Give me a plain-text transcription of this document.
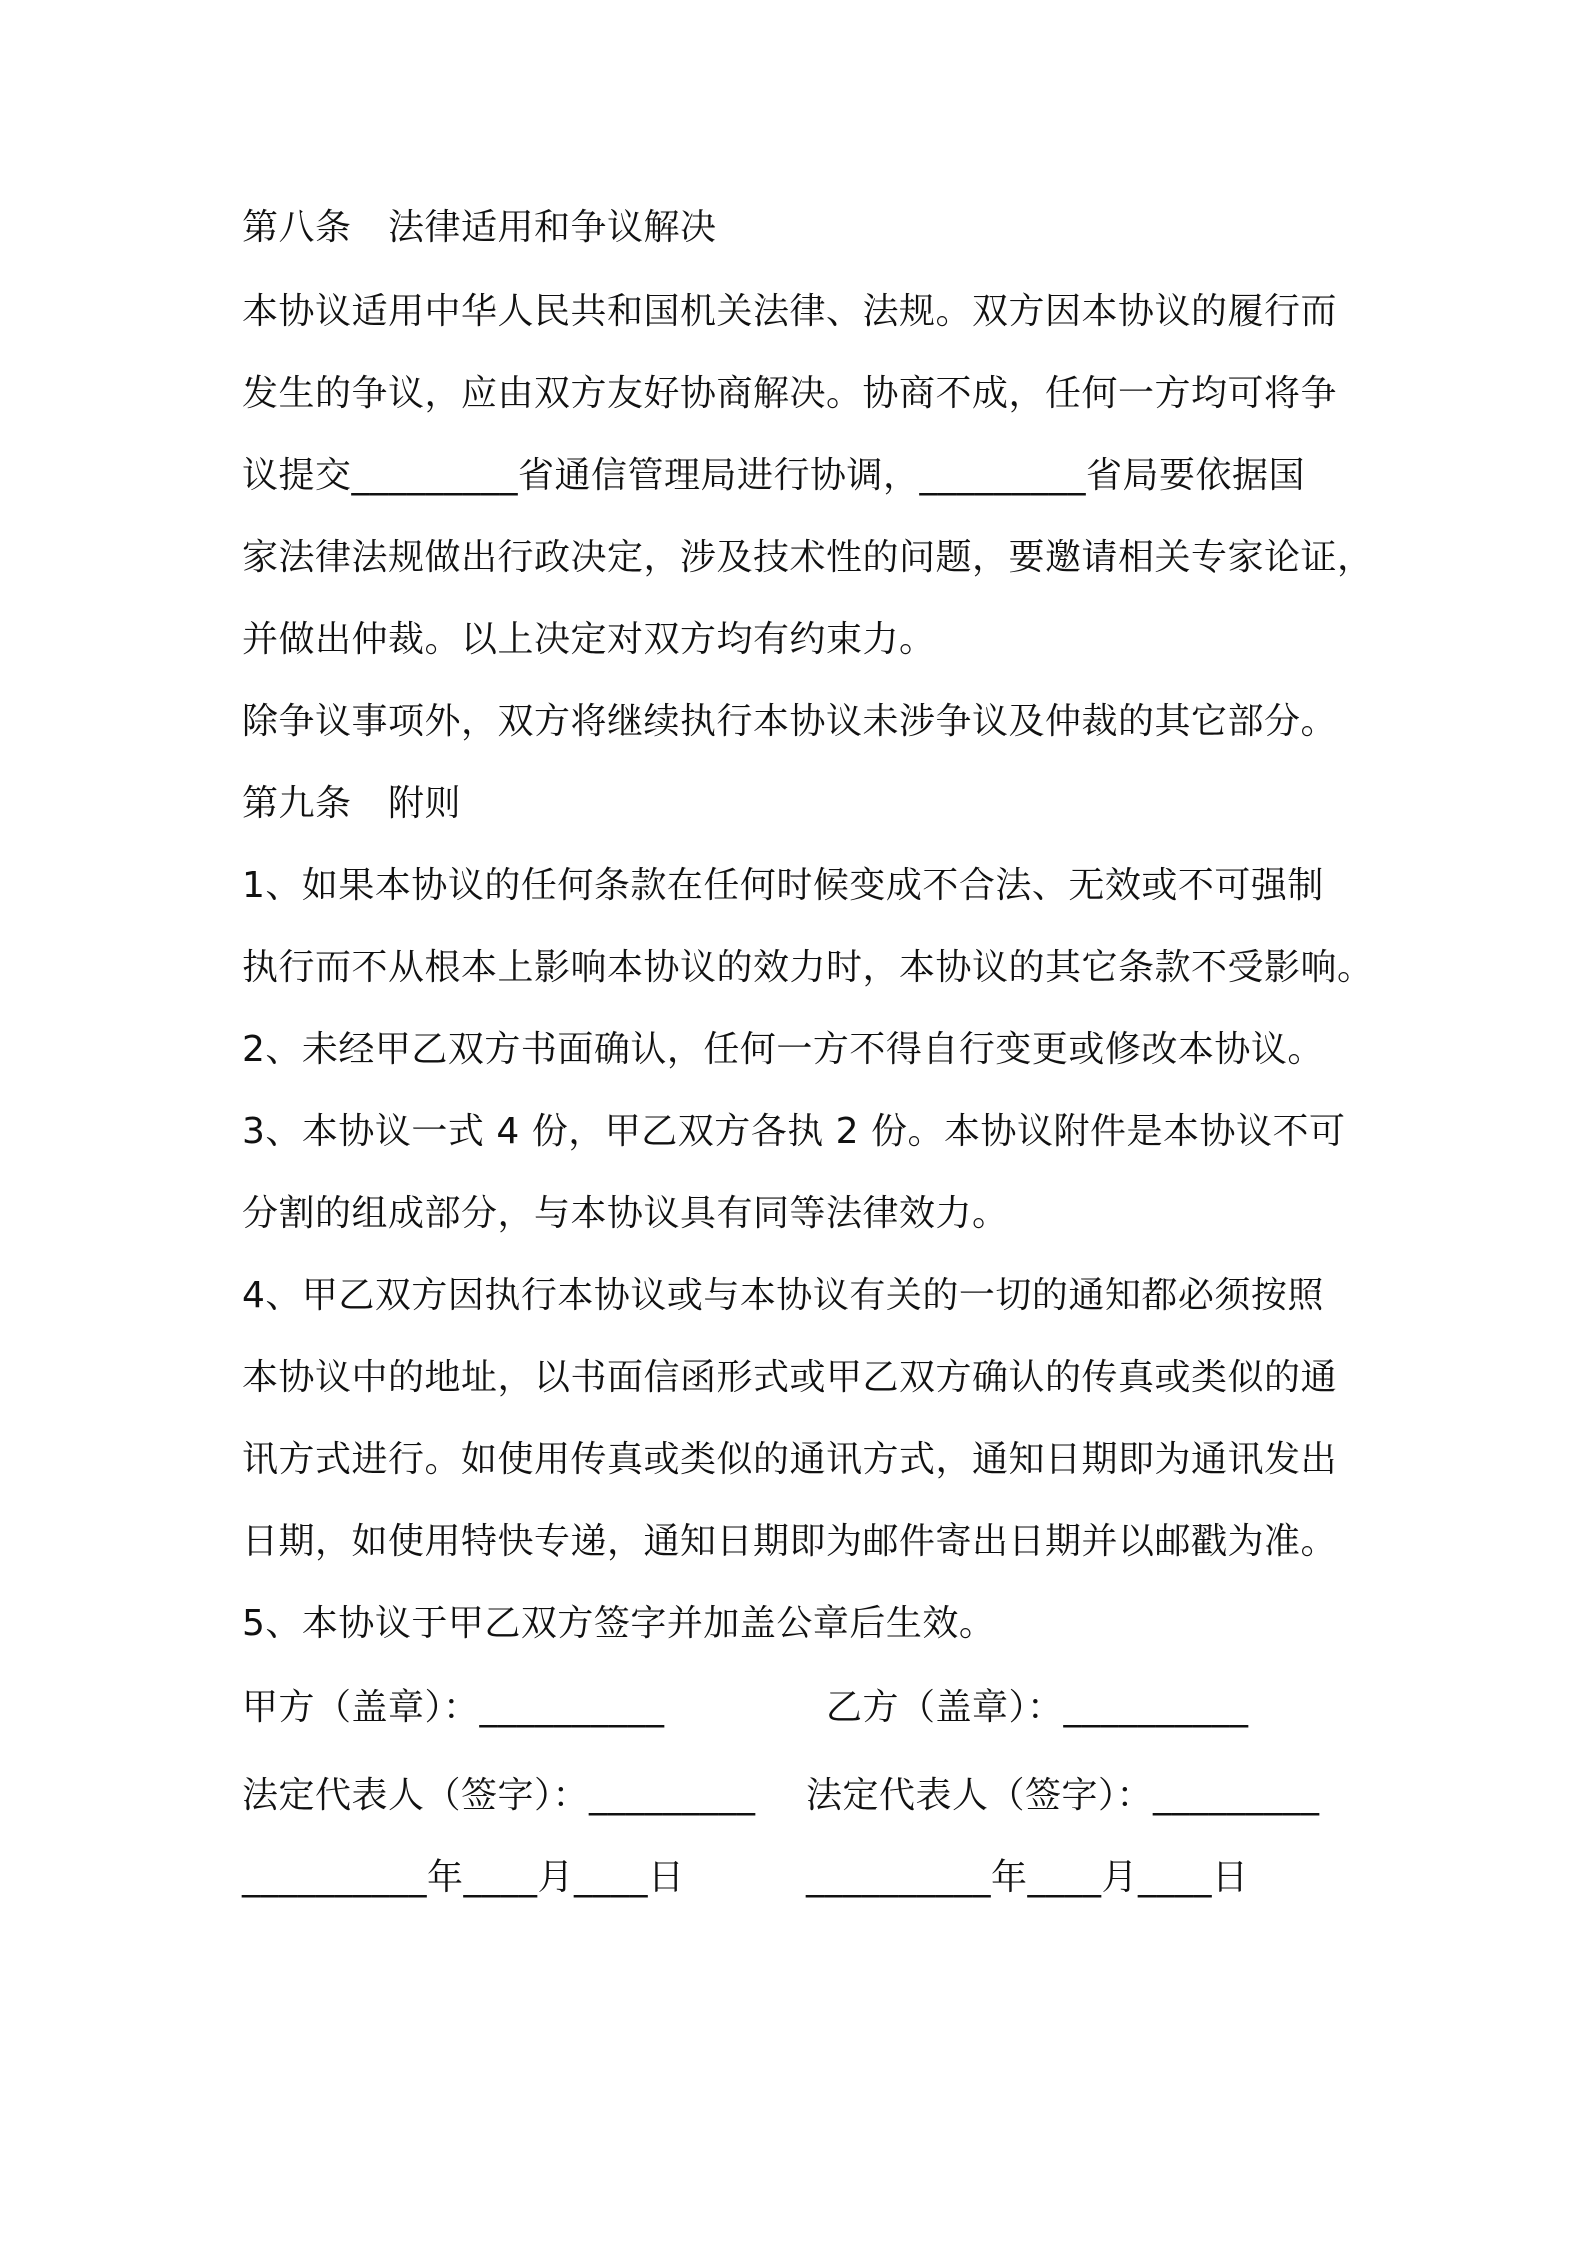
第八条　法律适用和争议解决
本协议适用中华人民共和国机关法律、法规。双方因本协议的履行而
发生的争议，应由双方友好协商解决。协商不成，任何一方均可将争
议提交_________省通信管理局进行协调，_________省局要依据国
家法律法规做出行政决定，涉及技术性的问题，要邀请相关专家论证，
并做出仲裁。以上决定对双方均有约束力。
除争议事项外，双方将继续执行本协议未涉争议及仲裁的其它部分。
第九条　附则
1、如果本协议的任何条款在任何时候变成不合法、无效或不可强制
执行而不从根本上影响本协议的效力时，本协议的其它条款不受影响。
2、未经甲乙双方书面确认，任何一方不得自行变更或修改本协议。
3、本协议一式 4 份，甲乙双方各执 2 份。本协议附件是本协议不可
分割的组成部分，与本协议具有同等法律效力。
4、甲乙双方因执行本协议或与本协议有关的一切的通知都必须按照
本协议中的地址，以书面信函形式或甲乙双方确认的传真或类似的通
讯方式进行。如使用传真或类似的通讯方式，通知日期即为通讯发出
日期，如使用特快专递，通知日期即为邮件寄出日期并以邮戳为准。
5、本协议于甲乙双方签字并加盖公章后生效。
甲方（盖章）：__________	乙方（盖章）：__________
法定代表人（签字）：_________ 法定代表人（签字）：_________
__________年____月____日	__________年____月____日
